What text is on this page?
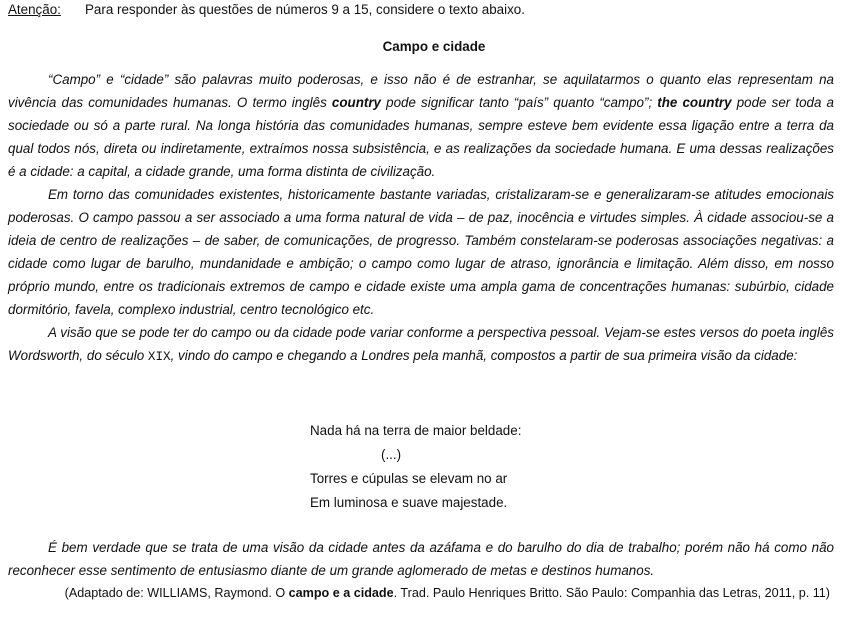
Atenção: Para responder às questões de números 9 a 15, considere o texto abaixo.
Campo e cidade

“Campo” e “cidade” são palavras muito poderosas, e isso não é de estranhar, se aquilatarmos o quanto elas representam na vivência das comunidades humanas. O termo inglês country pode significar tanto “país” quanto “campo”; the country pode ser toda a sociedade ou só a parte rural. Na longa história das comunidades humanas, sempre esteve bem evidente essa ligação entre a terra da qual todos nós, direta ou indiretamente, extraímos nossa subsistência, e as realizações da sociedade humana. E uma dessas realizações é a cidade: a capital, a cidade grande, uma forma distinta de civilização.

Em torno das comunidades existentes, historicamente bastante variadas, cristalizaram-se e generalizaram-se atitudes emocionais poderosas. O campo passou a ser associado a uma forma natural de vida – de paz, inocência e virtudes simples. À cidade associou-se a ideia de centro de realizações – de saber, de comunicações, de progresso. Também constelaram-se poderosas associações negativas: a cidade como lugar de barulho, mundanidade e ambição; o campo como lugar de atraso, ignorância e limitação. Além disso, em nosso próprio mundo, entre os tradicionais extremos de campo e cidade existe uma ampla gama de concentrações humanas: subúrbio, cidade dormitório, favela, complexo industrial, centro tecnológico etc.

A visão que se pode ter do campo ou da cidade pode variar conforme a perspectiva pessoal. Vejam-se estes versos do poeta inglês Wordsworth, do século XIX, vindo do campo e chegando a Londres pela manhã, compostos a partir de sua primeira visão da cidade:

Nada há na terra de maior beldade:
(...)
Torres e cúpulas se elevam no ar
Em luminosa e suave majestade.

É bem verdade que se trata de uma visão da cidade antes da azáfama e do barulho do dia de trabalho; porém não há como não reconhecer esse sentimento de entusiasmo diante de um grande aglomerado de metas e destinos humanos.

(Adaptado de: WILLIAMS, Raymond. O campo e a cidade. Trad. Paulo Henriques Britto. São Paulo: Companhia das Letras, 2011, p. 11)
